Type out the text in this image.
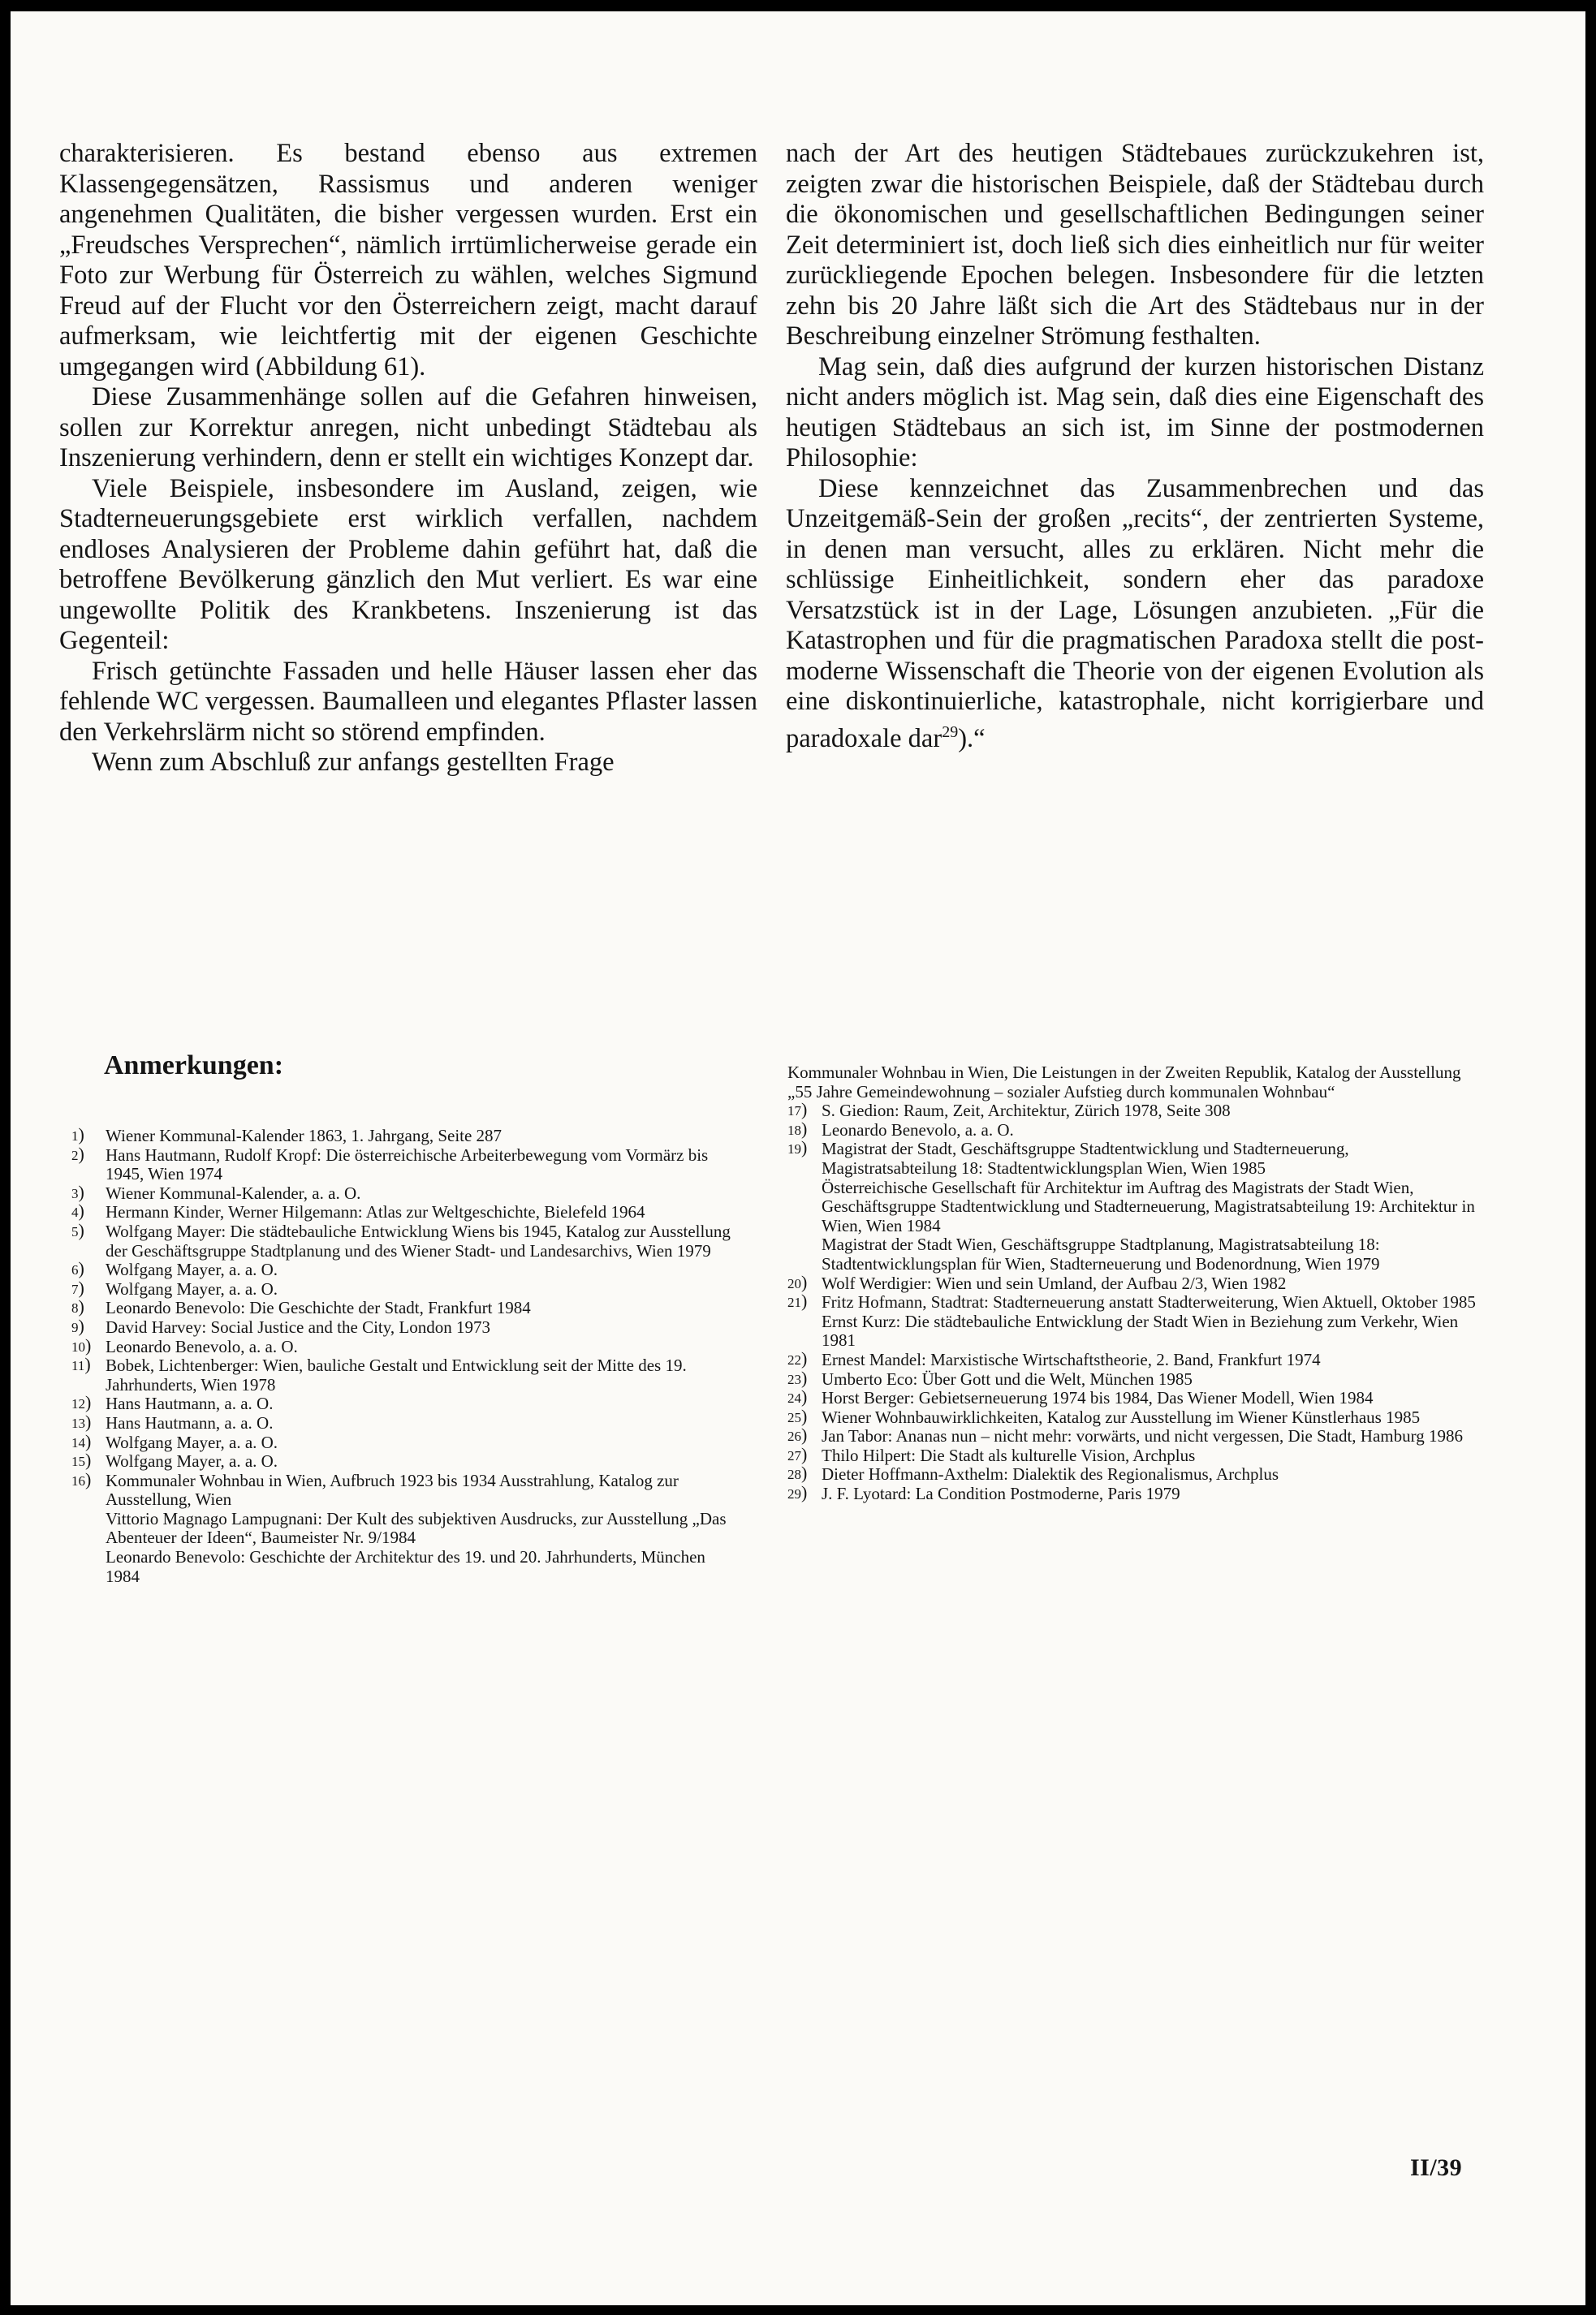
charakterisieren. Es bestand ebenso aus extremen Klassengegensätzen, Rassismus und anderen weniger angenehmen Qualitäten, die bisher vergessen wurden. Erst ein „Freudsches Versprechen“, nämlich irrtümlicherweise gerade ein Foto zur Werbung für Österreich zu wählen, welches Sigmund Freud auf der Flucht vor den Österreichern zeigt, macht darauf aufmerksam, wie leichtfertig mit der eigenen Geschichte umgegangen wird (Abbildung 61).

Diese Zusammenhänge sollen auf die Gefahren hinweisen, sollen zur Korrektur anregen, nicht unbedingt Städtebau als Inszenierung verhindern, denn er stellt ein wichtiges Konzept dar.

Viele Beispiele, insbesondere im Ausland, zeigen, wie Stadterneuerungsgebiete erst wirklich verfallen, nachdem endloses Analysieren der Probleme dahin geführt hat, daß die betroffene Bevölkerung gänzlich den Mut verliert. Es war eine ungewollte Politik des Krankbetens. Inszenierung ist das Gegenteil:

Frisch getünchte Fassaden und helle Häuser lassen eher das fehlende WC vergessen. Baumalleen und elegantes Pflaster lassen den Verkehrslärm nicht so störend empfinden.

Wenn zum Abschluß zur anfangs gestellten Frage

nach der Art des heutigen Städtebaues zurückzukehren ist, zeigten zwar die historischen Beispiele, daß der Städtebau durch die ökonomischen und gesellschaftlichen Bedingungen seiner Zeit determiniert ist, doch ließ sich dies einheitlich nur für weiter zurückliegende Epochen belegen. Insbesondere für die letzten zehn bis 20 Jahre läßt sich die Art des Städtebaus nur in der Beschreibung einzelner Strömung festhalten.

Mag sein, daß dies aufgrund der kurzen historischen Distanz nicht anders möglich ist. Mag sein, daß dies eine Eigenschaft des heutigen Städtebaus an sich ist, im Sinne der postmodernen Philosophie:

Diese kennzeichnet das Zusammenbrechen und das Unzeitgemäß-Sein der großen „recits“, der zentrierten Systeme, in denen man versucht, alles zu erklären. Nicht mehr die schlüssige Einheitlichkeit, sondern eher das paradoxe Versatzstück ist in der Lage, Lösungen anzubieten. „Für die Katastrophen und für die pragmatischen Paradoxa stellt die postmoderne Wissenschaft die Theorie von der eigenen Evolution als eine diskontinuierliche, katastrophale, nicht korrigierbare und paradoxale dar$^{29}$).“

Anmerkungen:
1 )	Wiener Kommunal-Kalender 1863, 1. Jahrgang, Seite 287
2 )	Hans Hautmann, Rudolf Kropf: Die österreichische Arbeiterbewegung vom Vormärz bis 1945, Wien 1974
3 )	Wiener Kommunal-Kalender, a. a. O.
4 )	Hermann Kinder, Werner Hilgemann: Atlas zur Weltgeschichte, Bielefeld 1964
5 )	Wolfgang Mayer: Die städtebauliche Entwicklung Wiens bis 1945, Katalog zur Ausstellung der Geschäftsgruppe Stadtplanung und des Wiener Stadt- und Landesarchivs, Wien 1979
6 )	Wolfgang Mayer, a. a. O.
7 )	Wolfgang Mayer, a. a. O.
8 )	Leonardo Benevolo: Die Geschichte der Stadt, Frankfurt 1984
9 )	David Harvey: Social Justice and the City, London 1973
10 )	Leonardo Benevolo, a. a. O.
11 )	Bobek, Lichtenberger: Wien, bauliche Gestalt und Entwicklung seit der Mitte des 19. Jahrhunderts, Wien 1978
12 )	Hans Hautmann, a. a. O.
13 )	Hans Hautmann, a. a. O.
14 )	Wolfgang Mayer, a. a. O.
15 )	Wolfgang Mayer, a. a. O.
16 )	Kommunaler Wohnbau in Wien, Aufbruch 1923 bis 1934 Ausstrahlung, Katalog zur Ausstellung, Wien
Vittorio Magnago Lampugnani: Der Kult des subjektiven Ausdrucks, zur Ausstellung „Das Abenteuer der Ideen“, Baumeister Nr. 9/1984
Leonardo Benevolo: Geschichte der Architektur des 19. und 20. Jahrhunderts, München 1984
Kommunaler Wohnbau in Wien, Die Leistungen in der Zweiten Republik, Katalog der Ausstellung „55 Jahre Gemeindewohnung – sozialer Aufstieg durch kommunalen Wohnbau“
17 )	S. Giedion: Raum, Zeit, Architektur, Zürich 1978, Seite 308
18 )	Leonardo Benevolo, a. a. O.
19 )	Magistrat der Stadt, Geschäftsgruppe Stadtentwicklung und Stadterneuerung, Magistratsabteilung 18: Stadtentwicklungsplan Wien, Wien 1985
Österreichische Gesellschaft für Architektur im Auftrag des Magistrats der Stadt Wien, Geschäftsgruppe Stadtentwicklung und Stadterneuerung, Magistratsabteilung 19: Architektur in Wien, Wien 1984
Magistrat der Stadt Wien, Geschäftsgruppe Stadtplanung, Magistratsabteilung 18: Stadtentwicklungsplan für Wien, Stadterneuerung und Bodenordnung, Wien 1979
20 )	Wolf Werdigier: Wien und sein Umland, der Aufbau 2/3, Wien 1982
21 )	Fritz Hofmann, Stadtrat: Stadterneuerung anstatt Stadterweiterung, Wien Aktuell, Oktober 1985
Ernst Kurz: Die städtebauliche Entwicklung der Stadt Wien in Beziehung zum Verkehr, Wien 1981
22 )	Ernest Mandel: Marxistische Wirtschaftstheorie, 2. Band, Frankfurt 1974
23 )	Umberto Eco: Über Gott und die Welt, München 1985
24 )	Horst Berger: Gebietserneuerung 1974 bis 1984, Das Wiener Modell, Wien 1984
25 )	Wiener Wohnbauwirklichkeiten, Katalog zur Ausstellung im Wiener Künstlerhaus 1985
26 )	Jan Tabor: Ananas nun – nicht mehr: vorwärts, und nicht vergessen, Die Stadt, Hamburg 1986
27 )	Thilo Hilpert: Die Stadt als kulturelle Vision, Archplus
28 )	Dieter Hoffmann-Axthelm: Dialektik des Regionalismus, Archplus
29 )	J. F. Lyotard: La Condition Postmoderne, Paris 1979
II/39
